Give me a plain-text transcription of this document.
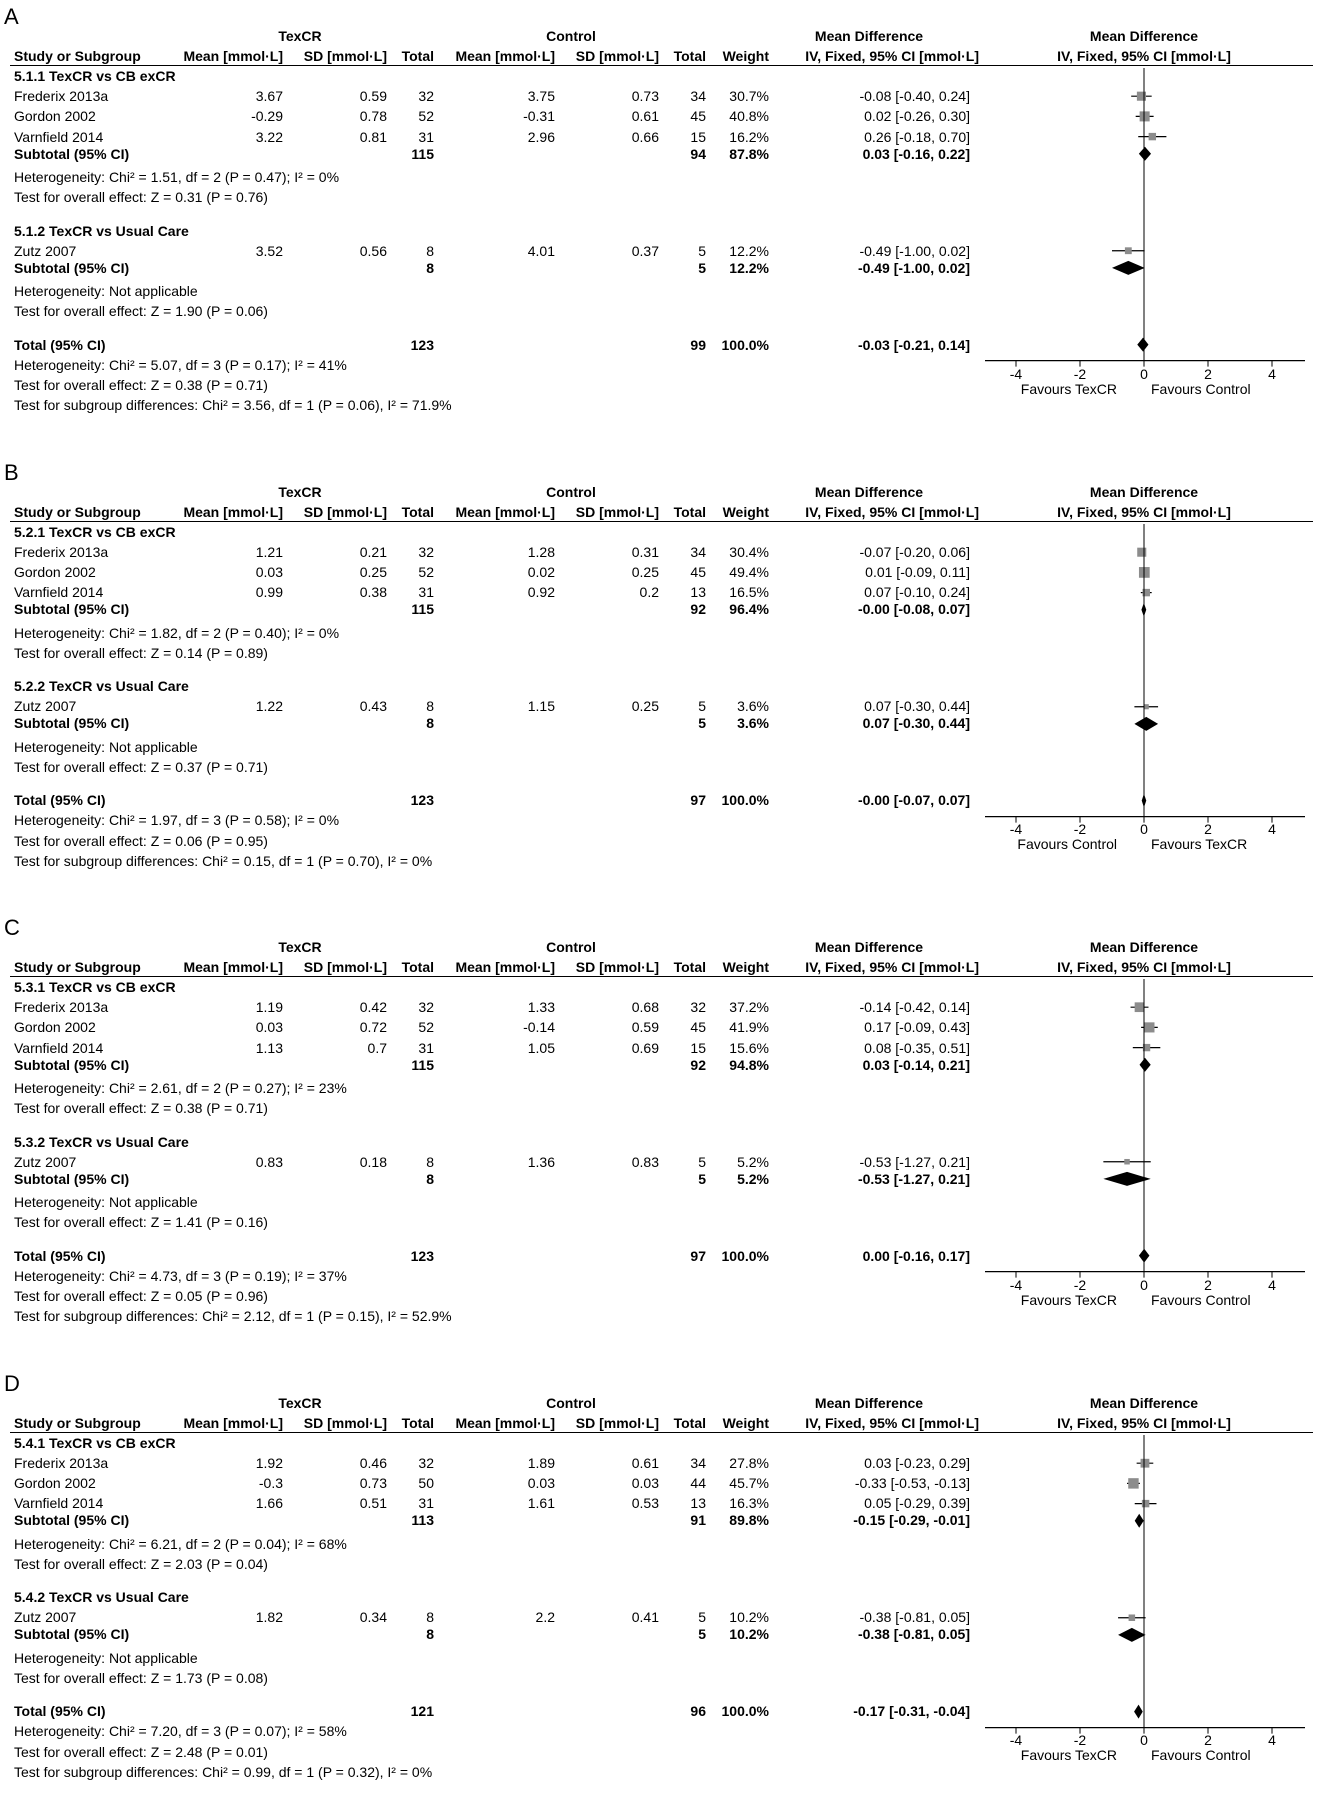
A
TexCR	Control	Mean Difference	Mean Difference
Study or Subgroup	Mean [mmol·L] SD [mmol·L] Total Mean [mmol·L] SD [mmol·L] Total Weight	IV, Fixed, 95% CI [mmol·L]	IV, Fixed, 95% CI [mmol·L]
5.1.1 TexCR vs CB exCR
Frederix 2013a	3.67	0.59 32	3.75	0.73 34 30.7%	-0.08 [-0.40, 0.24]
Gordon 2002	-0.29	0.78 52	-0.31	0.61 45 40.8%	0.02 [-0.26, 0.30]
Varnfield 2014	3.22	0.81 31	2.96	0.66 15 16.2%	0.26 [-0.18, 0.70]
Subtotal (95% CI)	115	94 87.8%	0.03 [-0.16, 0.22]
Heterogeneity: Chi² = 1.51, df = 2 (P = 0.47); I² = 0%
Test for overall effect: Z = 0.31 (P = 0.76)
5.1.2 TexCR vs Usual Care
Zutz 2007	3.52	0.56	8	4.01	0.37	5 12.2%	-0.49 [-1.00, 0.02]
Subtotal (95% CI)	8	5 12.2%	-0.49 [-1.00, 0.02]
Heterogeneity: Not applicable
Test for overall effect: Z = 1.90 (P = 0.06)
Total (95% CI)	123	99 100.0%	-0.03 [-0.21, 0.14]
Heterogeneity: Chi² = 5.07, df = 3 (P = 0.17); I² = 41%
Test for overall effect: Z = 0.38 (P = 0.71)
Test for subgroup differences: Chi² = 3.56, df = 1 (P = 0.06), I² = 71.9%
-4	-2	0	2	4
Favours TexCR Favours Control
B
TexCR	Control	Mean Difference	Mean Difference
Study or Subgroup	Mean [mmol·L] SD [mmol·L] Total Mean [mmol·L] SD [mmol·L] Total Weight	IV, Fixed, 95% CI [mmol·L]	IV, Fixed, 95% CI [mmol·L]
5.2.1 TexCR vs CB exCR
Frederix 2013a	1.21	0.21 32	1.28	0.31 34 30.4%	-0.07 [-0.20, 0.06]
Gordon 2002	0.03	0.25 52	0.02	0.25 45 49.4%	0.01 [-0.09, 0.11]
Varnfield 2014	0.99	0.38 31	0.92	0.2 13 16.5%	0.07 [-0.10, 0.24]
Subtotal (95% CI)	115	92 96.4%	-0.00 [-0.08, 0.07]
Heterogeneity: Chi² = 1.82, df = 2 (P = 0.40); I² = 0%
Test for overall effect: Z = 0.14 (P = 0.89)
5.2.2 TexCR vs Usual Care
Zutz 2007	1.22	0.43	8	1.15	0.25	5 3.6%	0.07 [-0.30, 0.44]
Subtotal (95% CI)	8	5 3.6%	0.07 [-0.30, 0.44]
Heterogeneity: Not applicable
Test for overall effect: Z = 0.37 (P = 0.71)
Total (95% CI)	123	97 100.0%	-0.00 [-0.07, 0.07]
Heterogeneity: Chi² = 1.97, df = 3 (P = 0.58); I² = 0%
Test for overall effect: Z = 0.06 (P = 0.95)
Test for subgroup differences: Chi² = 0.15, df = 1 (P = 0.70), I² = 0%
-4	-2	0	2	4
Favours Control Favours TexCR
C
TexCR	Control	Mean Difference	Mean Difference
Study or Subgroup	Mean [mmol·L] SD [mmol·L] Total Mean [mmol·L] SD [mmol·L] Total Weight	IV, Fixed, 95% CI [mmol·L]	IV, Fixed, 95% CI [mmol·L]
5.3.1 TexCR vs CB exCR
Frederix 2013a	1.19	0.42 32	1.33	0.68 32 37.2%	-0.14 [-0.42, 0.14]
Gordon 2002	0.03	0.72 52	-0.14	0.59 45 41.9%	0.17 [-0.09, 0.43]
Varnfield 2014	1.13	0.7 31	1.05	0.69 15 15.6%	0.08 [-0.35, 0.51]
Subtotal (95% CI)	115	92 94.8%	0.03 [-0.14, 0.21]
Heterogeneity: Chi² = 2.61, df = 2 (P = 0.27); I² = 23%
Test for overall effect: Z = 0.38 (P = 0.71)
5.3.2 TexCR vs Usual Care
Zutz 2007	0.83	0.18	8	1.36	0.83	5 5.2%	-0.53 [-1.27, 0.21]
Subtotal (95% CI)	8	5 5.2%	-0.53 [-1.27, 0.21]
Heterogeneity: Not applicable
Test for overall effect: Z = 1.41 (P = 0.16)
Total (95% CI)	123	97 100.0%	0.00 [-0.16, 0.17]
Heterogeneity: Chi² = 4.73, df = 3 (P = 0.19); I² = 37%
Test for overall effect: Z = 0.05 (P = 0.96)
Test for subgroup differences: Chi² = 2.12, df = 1 (P = 0.15), I² = 52.9%
-4	-2	0	2	4
Favours TexCR Favours Control
D
TexCR	Control	Mean Difference	Mean Difference
Study or Subgroup	Mean [mmol·L] SD [mmol·L] Total Mean [mmol·L] SD [mmol·L] Total Weight	IV, Fixed, 95% CI [mmol·L]	IV, Fixed, 95% CI [mmol·L]
5.4.1 TexCR vs CB exCR
Frederix 2013a	1.92	0.46 32	1.89	0.61 34 27.8%	0.03 [-0.23, 0.29]
Gordon 2002	-0.3	0.73 50	0.03	0.03 44 45.7%	-0.33 [-0.53, -0.13]
Varnfield 2014	1.66	0.51 31	1.61	0.53 13 16.3%	0.05 [-0.29, 0.39]
Subtotal (95% CI)	113	91 89.8%	-0.15 [-0.29, -0.01]
Heterogeneity: Chi² = 6.21, df = 2 (P = 0.04); I² = 68%
Test for overall effect: Z = 2.03 (P = 0.04)
5.4.2 TexCR vs Usual Care
Zutz 2007	1.82	0.34	8	2.2	0.41	5 10.2%	-0.38 [-0.81, 0.05]
Subtotal (95% CI)	8	5 10.2%	-0.38 [-0.81, 0.05]
Heterogeneity: Not applicable
Test for overall effect: Z = 1.73 (P = 0.08)
Total (95% CI)	121	96 100.0%	-0.17 [-0.31, -0.04]
Heterogeneity: Chi² = 7.20, df = 3 (P = 0.07); I² = 58%
Test for overall effect: Z = 2.48 (P = 0.01)
Test for subgroup differences: Chi² = 0.99, df = 1 (P = 0.32), I² = 0%
-4	-2	0	2	4
Favours TexCR Favours Control
